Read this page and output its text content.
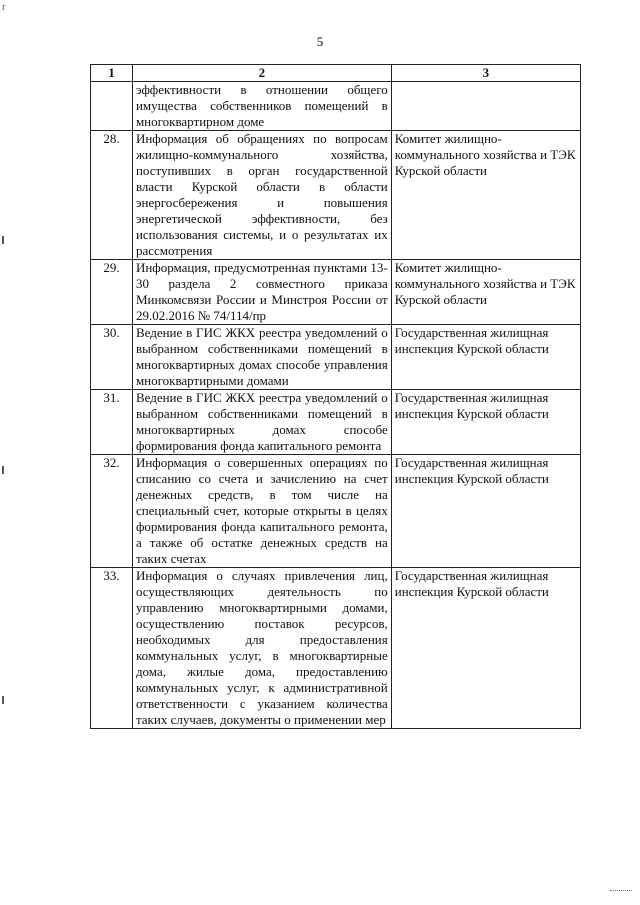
r
5
1	2	3
	эффективности в отношении общего имущества собственников помещений в многоквартирном доме	
28.	Информация об обращениях по вопросам жилищно-коммунального хозяйства, поступивших в орган государственной власти Курской области в области энергосбережения и повышения энергетической эффективности, без использования системы, и о результатах их рассмотрения	Комитет жилищно-коммунального хозяйства и ТЭК Курской области
29.	Информация, предусмотренная пунктами 13-30 раздела 2 совместного приказа Минкомсвязи России и Минстроя России от 29.02.2016 № 74/114/пр	Комитет жилищно-коммунального хозяйства и ТЭК Курской области
30.	Ведение в ГИС ЖКХ реестра уведомлений о выбранном собственниками помещений в многоквартирных домах способе управления многоквартирными домами	Государственная жилищная инспекция Курской области
31.	Ведение в ГИС ЖКХ реестра уведомлений о выбранном собственниками помещений в многоквартирных домах способе формирования фонда капитального ремонта	Государственная жилищная инспекция Курской области
32.	Информация о совершенных операциях по списанию со счета и зачислению на счет денежных средств, в том числе на специальный счет, которые открыты в целях формирования фонда капитального ремонта, а также об остатке денежных средств на таких счетах	Государственная жилищная инспекция Курской области
33.	Информация о случаях привлечения лиц, осуществляющих деятельность по управлению многоквартирными домами, осуществлению поставок ресурсов, необходимых для предоставления коммунальных услуг, в многоквартирные дома, жилые дома, предоставлению коммунальных услуг, к административной ответственности с указанием количества таких случаев, документы о применении мер	Государственная жилищная инспекция Курской области
